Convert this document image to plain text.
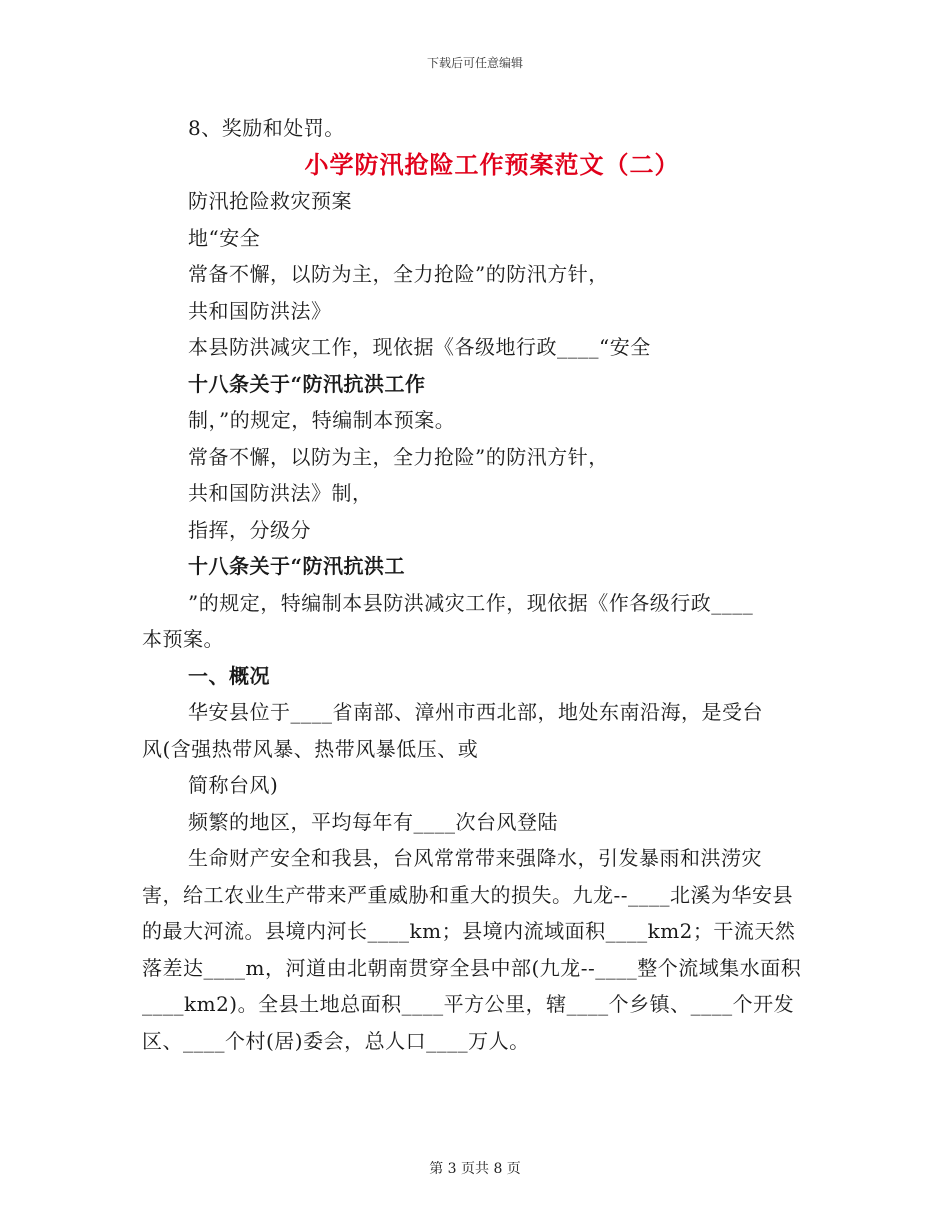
下载后可任意编辑
8、奖励和处罚。
小学防汛抢险工作预案范文（二）
防汛抢险救灾预案
地“安全
常备不懈，以防为主，全力抢险”的防汛方针，
共和国防洪法》
本县防洪减灾工作，现依据《各级地行政____“安全
十八条关于“防汛抗洪工作
制，”的规定，特编制本预案。
常备不懈，以防为主，全力抢险”的防汛方针，
共和国防洪法》制，
指挥，分级分
十八条关于“防汛抗洪工
”的规定，特编制本县防洪减灾工作，现依据《作各级行政____
本预案。
一、概况
华安县位于____省南部、漳州市西北部，地处东南沿海，是受台
风(含强热带风暴、热带风暴低压、或
简称台风)
频繁的地区，平均每年有____次台风登陆

生命财产安全和我县，台风常常带来强降水，引发暴雨和洪涝灾害，给工农业生产带来严重威胁和重大的损失。九龙--____北溪为华安县的最大河流。县境内河长____km；县境内流域面积____km2；干流天然落差达____m，河道由北朝南贯穿全县中部(九龙--____整个流域集水面积____km2)。全县土地总面积____平方公里，辖____个乡镇、____个开发区、____个村(居)委会，总人口____万人。

第 3 页共 8 页
